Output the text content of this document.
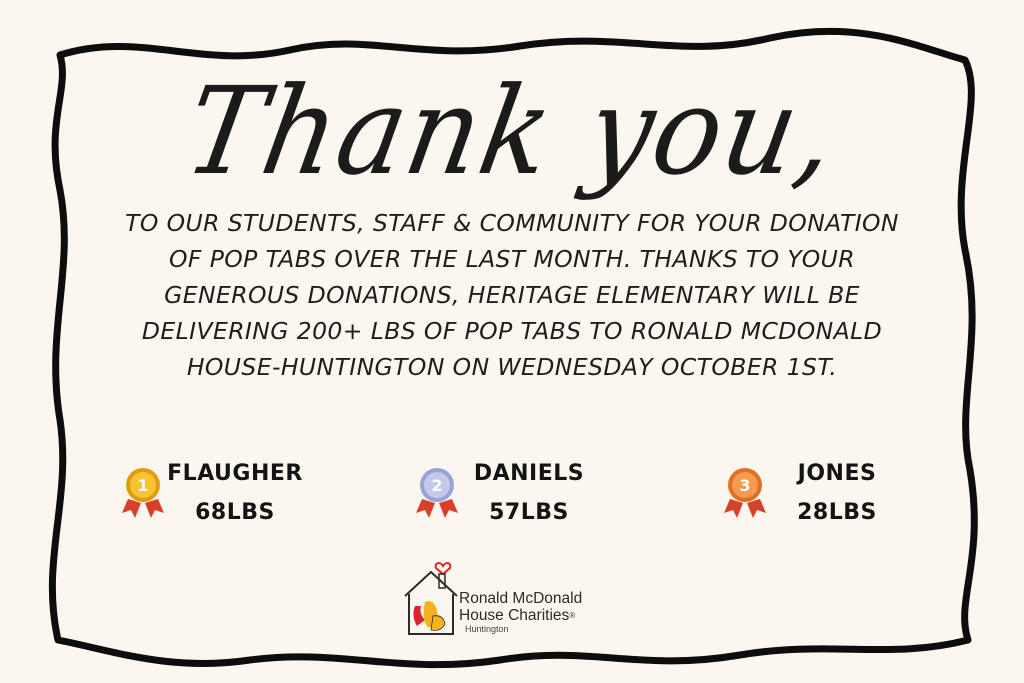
Thank you,
TO OUR STUDENTS, STAFF & COMMUNITY FOR YOUR DONATION OF POP TABS OVER THE LAST MONTH. THANKS TO YOUR GENEROUS DONATIONS, HERITAGE ELEMENTARY WILL BE DELIVERING 200+ LBS OF POP TABS TO RONALD MCDONALD HOUSE-HUNTINGTON ON WEDNESDAY OCTOBER 1ST.
1 FLAUGHER
68LBS
2	DANIELS
57LBS
3	JONES
28LBS
Ronald McDonald
House Charities®
Huntington
